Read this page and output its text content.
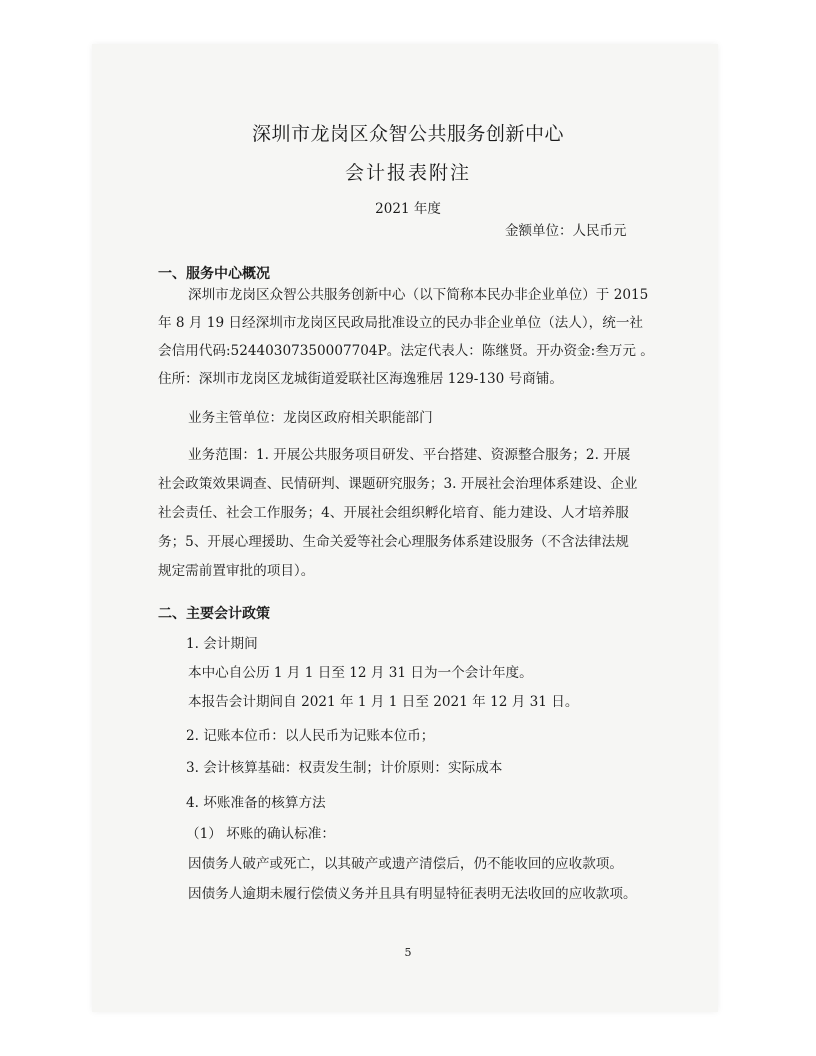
深圳市龙岗区众智公共服务创新中心
会计报表附注
2021 年度
金额单位：人民币元
一、服务中心概况
深圳市龙岗区众智公共服务创新中心（以下简称本民办非企业单位）于 2015
年 8 月 19 日经深圳市龙岗区民政局批准设立的民办非企业单位（法人），统一社
会信用代码:52440307350007704P。法定代表人：陈继贤。开办资金:叁万元 。
住所：深圳市龙岗区龙城街道爱联社区海逸雅居 129-130 号商铺。
业务主管单位：龙岗区政府相关职能部门
业务范围：1. 开展公共服务项目研发、平台搭建、资源整合服务；2. 开展
社会政策效果调查、民情研判、课题研究服务；3. 开展社会治理体系建设、企业
社会责任、社会工作服务；4、开展社会组织孵化培育、能力建设、人才培养服
务；5、开展心理援助、生命关爱等社会心理服务体系建设服务（不含法律法规
规定需前置审批的项目）。
二、主要会计政策
1. 会计期间
本中心自公历 1 月 1 日至 12 月 31 日为一个会计年度。
本报告会计期间自 2021 年 1 月 1 日至 2021 年 12 月 31 日。
2. 记账本位币：以人民币为记账本位币；
3. 会计核算基础：权责发生制；计价原则：实际成本
4. 坏账准备的核算方法
（1） 坏账的确认标准：
因债务人破产或死亡，以其破产或遗产清偿后，仍不能收回的应收款项。
因债务人逾期未履行偿债义务并且具有明显特征表明无法收回的应收款项。
5
